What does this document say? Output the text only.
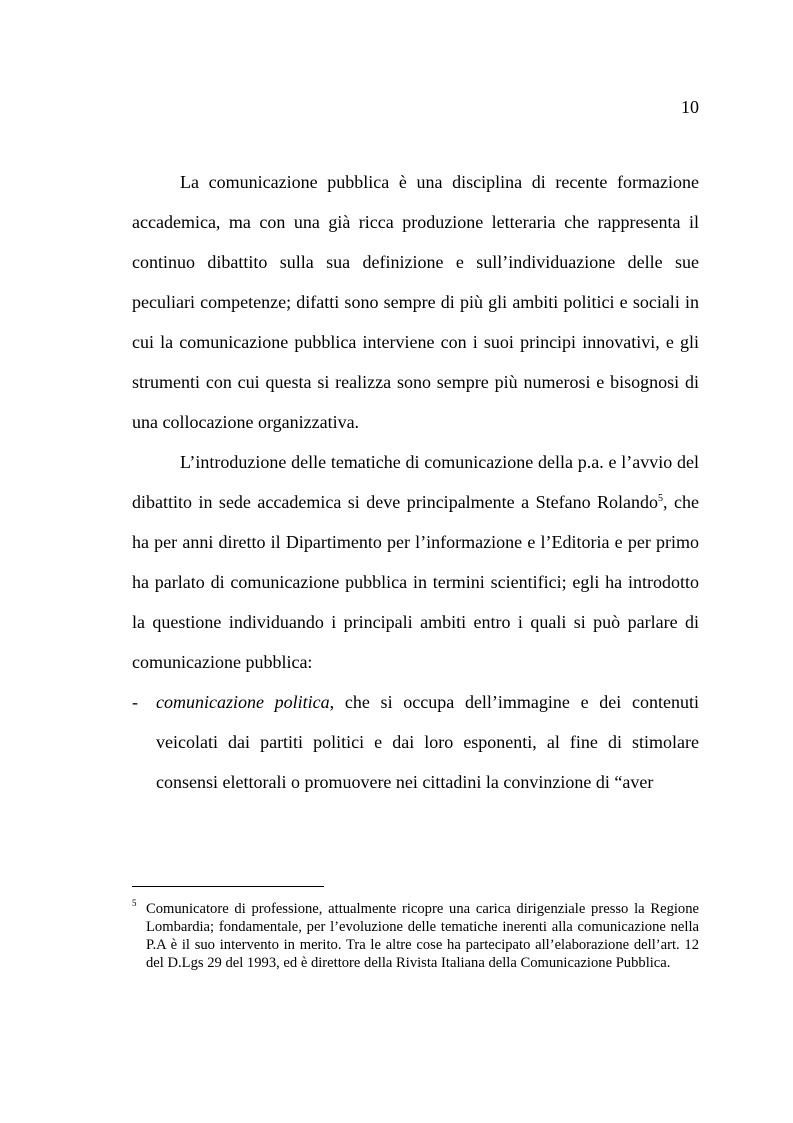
10

La comunicazione pubblica è una disciplina di recente formazione accademica, ma con una già ricca produzione letteraria che rappresenta il continuo dibattito sulla sua definizione e sull’individuazione delle sue peculiari competenze; difatti sono sempre di più gli ambiti politici e sociali in cui la comunicazione pubblica interviene con i suoi principi innovativi, e gli strumenti con cui questa si realizza sono sempre più numerosi e bisognosi di una collocazione organizzativa.

L’introduzione delle tematiche di comunicazione della p.a. e l’avvio del dibattito in sede accademica si deve principalmente a Stefano Rolando$^5$, che ha per anni diretto il Dipartimento per l’informazione e l’Editoria e per primo ha parlato di comunicazione pubblica in termini scientifici; egli ha introdotto la questione individuando i principali ambiti entro i quali si può parlare di comunicazione pubblica:

- comunicazione politica, che si occupa dell’immagine e dei contenuti veicolati dai partiti politici e dai loro esponenti, al fine di stimolare consensi elettorali o promuovere nei cittadini la convinzione di “aver

5 Comunicatore di professione, attualmente ricopre una carica dirigenziale presso la Regione Lombardia; fondamentale, per l’evoluzione delle tematiche inerenti alla comunicazione nella P.A è il suo intervento in merito. Tra le altre cose ha partecipato all’elaborazione dell’art. 12 del D.Lgs 29 del 1993, ed è direttore della Rivista Italiana della Comunicazione Pubblica.
